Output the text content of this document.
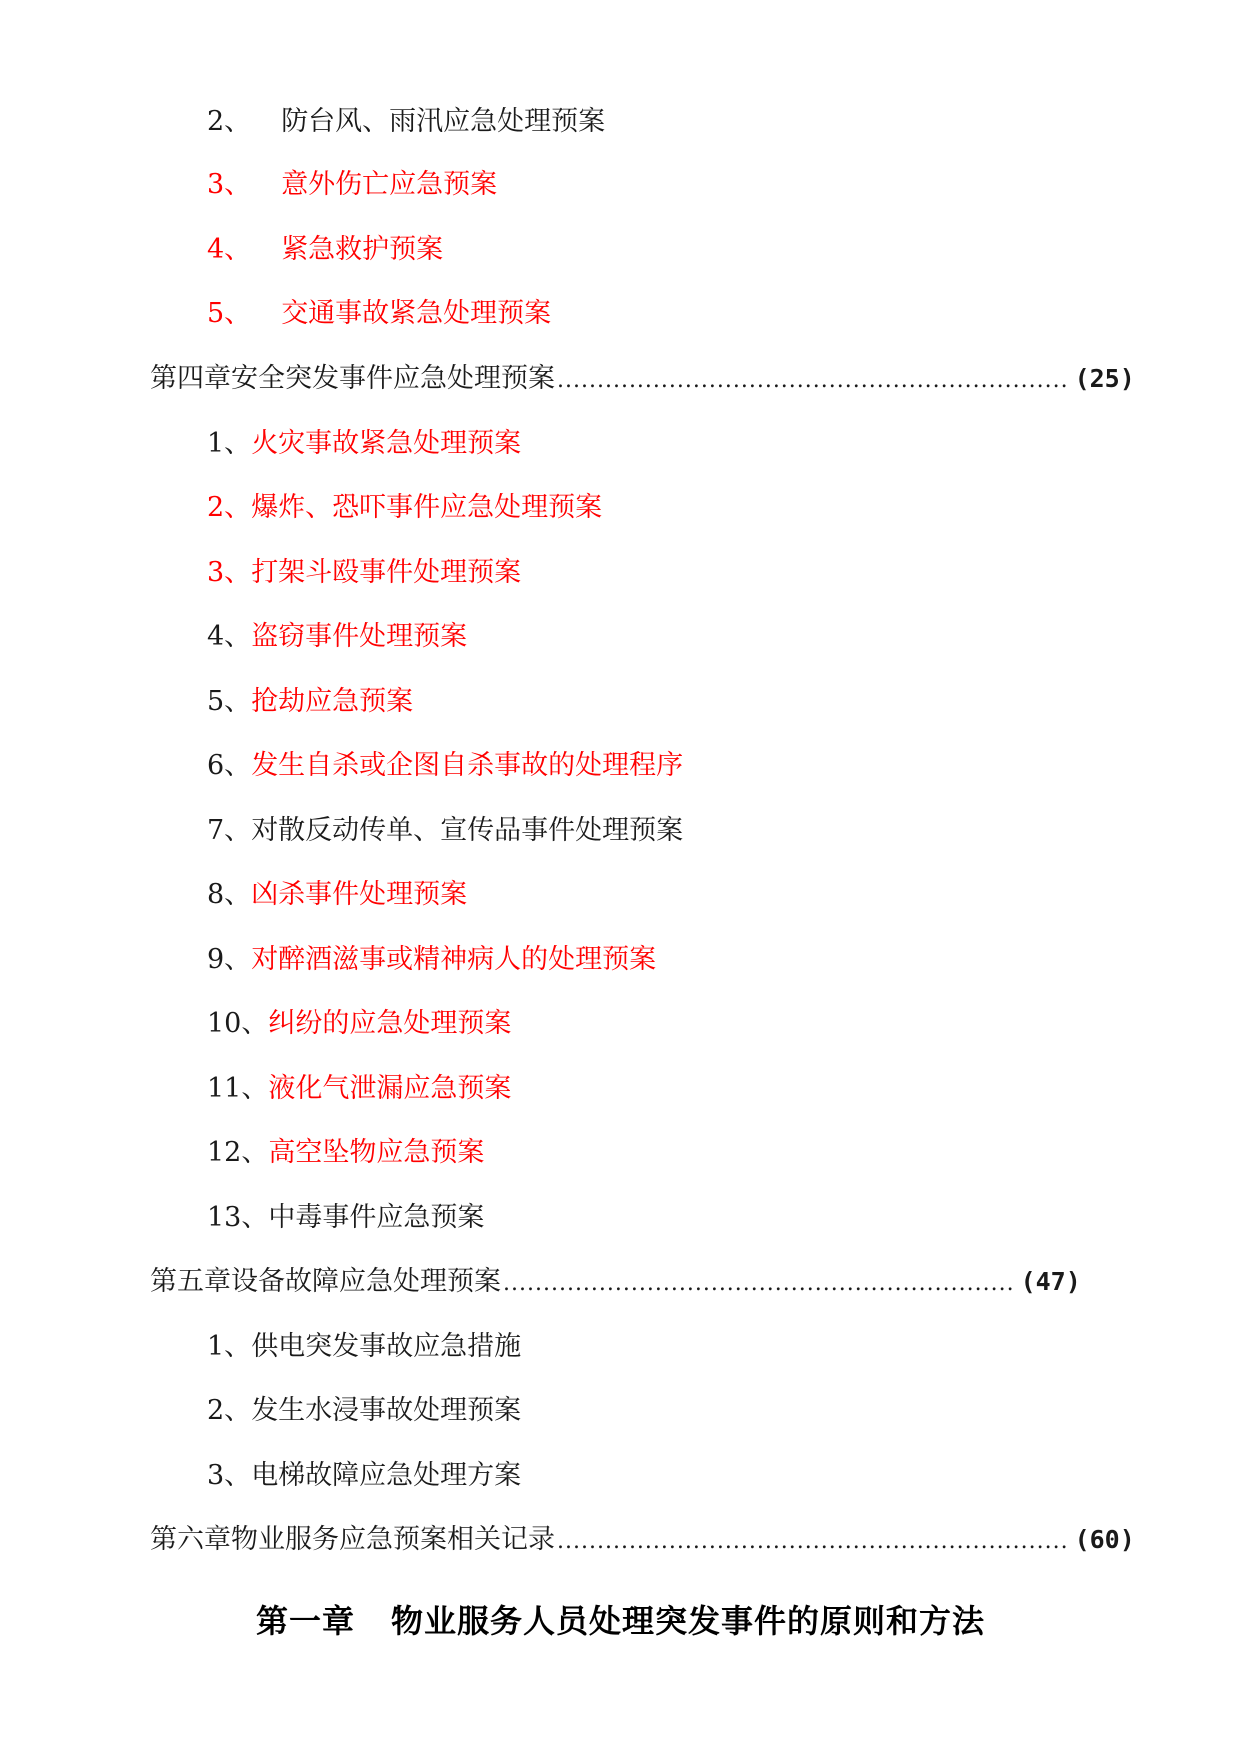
2、 防台风、雨汛应急处理预案
3、 意外伤亡应急预案
4、 紧急救护预案
5、 交通事故紧急处理预案
第四章 安全突发事件应急处理预案 ................................................................ (25)
1、火灾事故紧急处理预案
2、爆炸、恐吓事件应急处理预案
3、打架斗殴事件处理预案
4、盗窃事件处理预案
5、抢劫应急预案
6、发生自杀或企图自杀事故的处理程序
7、对散反动传单、宣传品事件处理预案
8、凶杀事件处理预案
9、对醉酒滋事或精神病人的处理预案
10、纠纷的应急处理预案
11、液化气泄漏应急预案
12、高空坠物应急预案
13、中毒事件应急预案
第五章 设备故障应急处理预案 ................................................................ (47)
1、供电突发事故应急措施
2、发生水浸事故处理预案
3、电梯故障应急处理方案
第六章 物业服务应急预案相关记录 ................................................................ (60)
第一章 物业服务人员处理突发事件的原则和方法
